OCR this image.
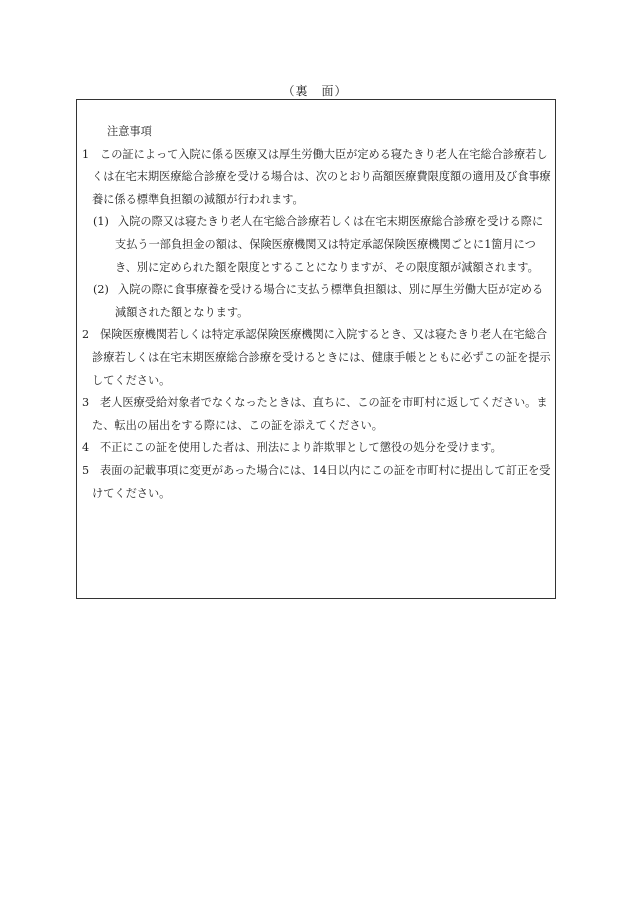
（裏　面）
注意事項
1 この証によって入院に係る医療又は厚生労働大臣が定める寝たきり老人在宅総合診療若しくは在宅末期医療総合診療を受ける場合は、次のとおり高額医療費限度額の適用及び食事療養に係る標準負担額の減額が行われます。
(1) 入院の際又は寝たきり老人在宅総合診療若しくは在宅末期医療総合診療を受ける際に支払う一部負担金の額は、保険医療機関又は特定承認保険医療機関ごとに1箇月につき、別に定められた額を限度とすることになりますが、その限度額が減額されます。
(2) 入院の際に食事療養を受ける場合に支払う標準負担額は、別に厚生労働大臣が定める減額された額となります。
2 保険医療機関若しくは特定承認保険医療機関に入院するとき、又は寝たきり老人在宅総合診療若しくは在宅末期医療総合診療を受けるときには、健康手帳とともに必ずこの証を提示してください。
3 老人医療受給対象者でなくなったときは、直ちに、この証を市町村に返してください。また、転出の届出をする際には、この証を添えてください。
4 不正にこの証を使用した者は、刑法により詐欺罪として懲役の処分を受けます。
5 表面の記載事項に変更があった場合には、14日以内にこの証を市町村に提出して訂正を受けてください。
